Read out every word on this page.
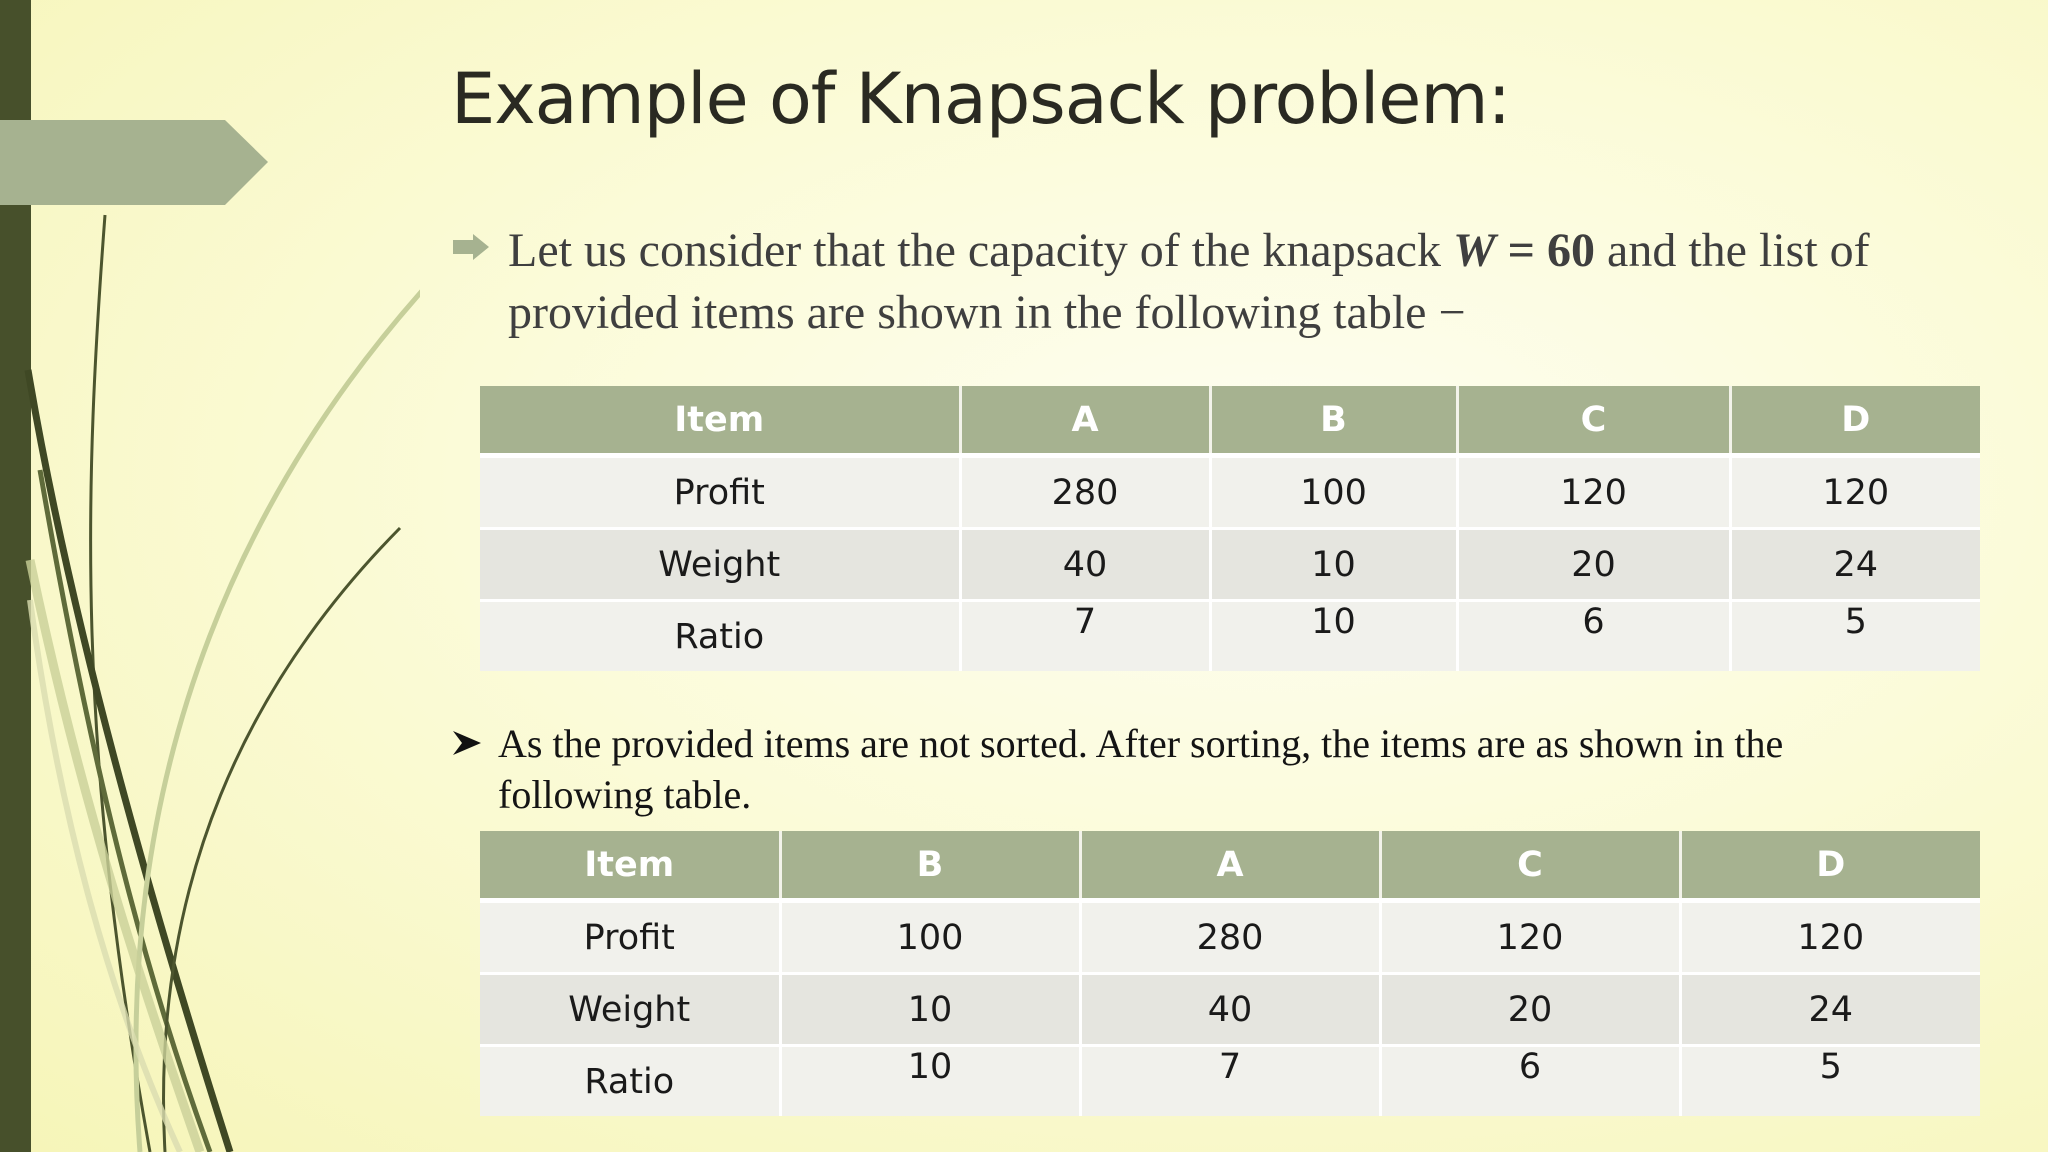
Example of Knapsack problem:

Let us consider that the capacity of the knapsack W = 60 and the list of provided items are shown in the following table −

Item	A	B	C	D
Profit	280	100	120	120
Weight	40	10	20	24
Ratio	7	10	6	5

As the provided items are not sorted. After sorting, the items are as shown in the following table.

Item	B	A	C	D
Profit	100	280	120	120
Weight	10	40	20	24
Ratio	10	7	6	5
